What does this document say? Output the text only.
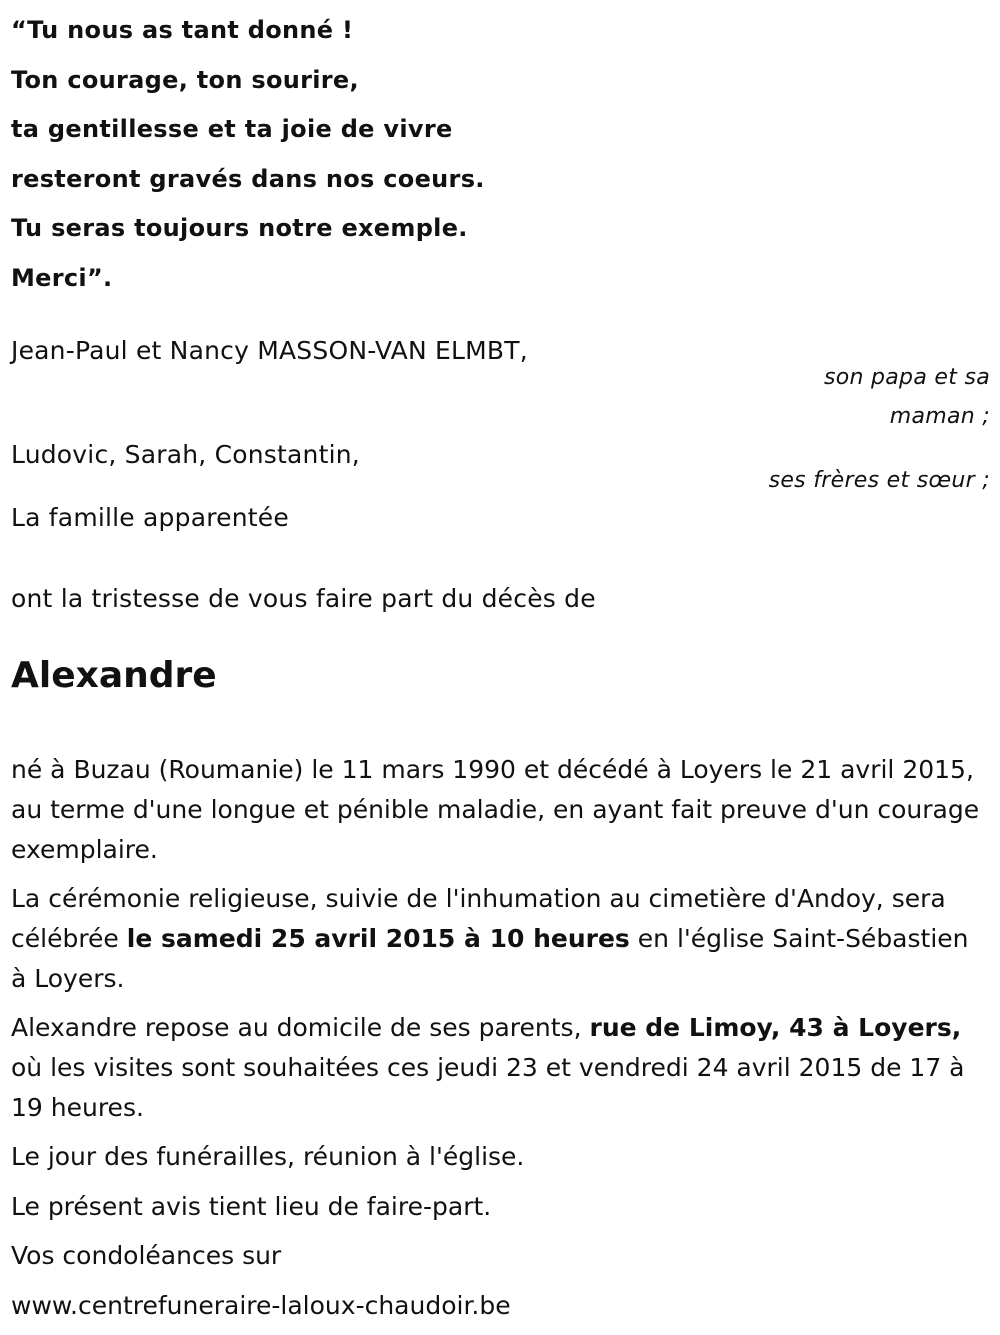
“Tu nous as tant donné !
Ton courage, ton sourire,
ta gentillesse et ta joie de vivre
resteront gravés dans nos coeurs.
Tu seras toujours notre exemple.
Merci”.
Jean-Paul et Nancy MASSON-VAN ELMBT,
son papa et sa
maman ;
Ludovic, Sarah, Constantin,
ses frères et sœur ;
La famille apparentée
ont la tristesse de vous faire part du décès de
Alexandre

né à Buzau (Roumanie) le 11 mars 1990 et décédé à Loyers le 21 avril 2015, au terme d'une longue et pénible maladie, en ayant fait preuve d'un courage exemplaire.

La cérémonie religieuse, suivie de l'inhumation au cimetière d'Andoy, sera célébrée le samedi 25 avril 2015 à 10 heures en l'église Saint-Sébastien à Loyers.

Alexandre repose au domicile de ses parents, rue de Limoy, 43 à Loyers, où les visites sont souhaitées ces jeudi 23 et vendredi 24 avril 2015 de 17 à 19 heures.

Le jour des funérailles, réunion à l'église.

Le présent avis tient lieu de faire-part.

Vos condoléances sur

www.centrefuneraire-laloux-chaudoir.be
